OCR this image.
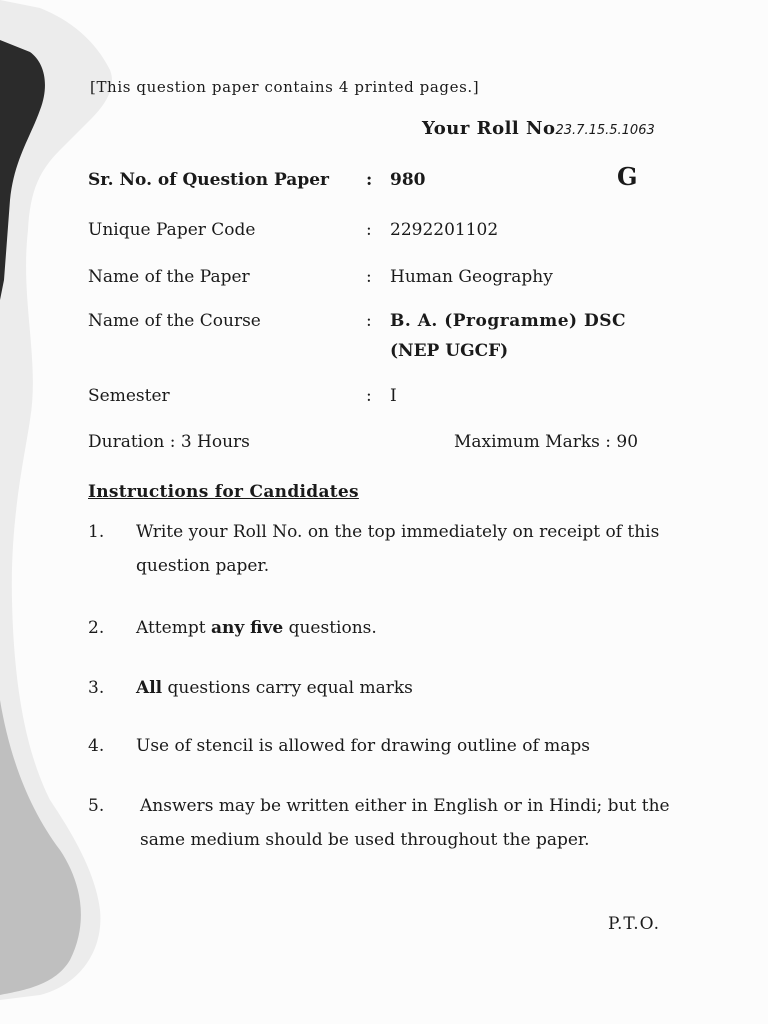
[This question paper contains 4 printed pages.]
Your Roll No23.7.15.5.1063
G
Sr. No. of Question Paper : 980
Unique Paper Code	: 2292201102
Name of the Paper	: Human Geography
Name of the Course	: B. A. (Programme) DSC
(NEP UGCF)
Semester	: I
Duration : 3 Hours	Maximum Marks : 90
Instructions for Candidates
1. Write your Roll No. on the top immediately on receipt of this question paper.
2. Attempt any five questions.
3. All questions carry equal marks
4. Use of stencil is allowed for drawing outline of maps
5. Answers may be written either in English or in Hindi; but the same medium should be used throughout the paper.
P.T.O.
